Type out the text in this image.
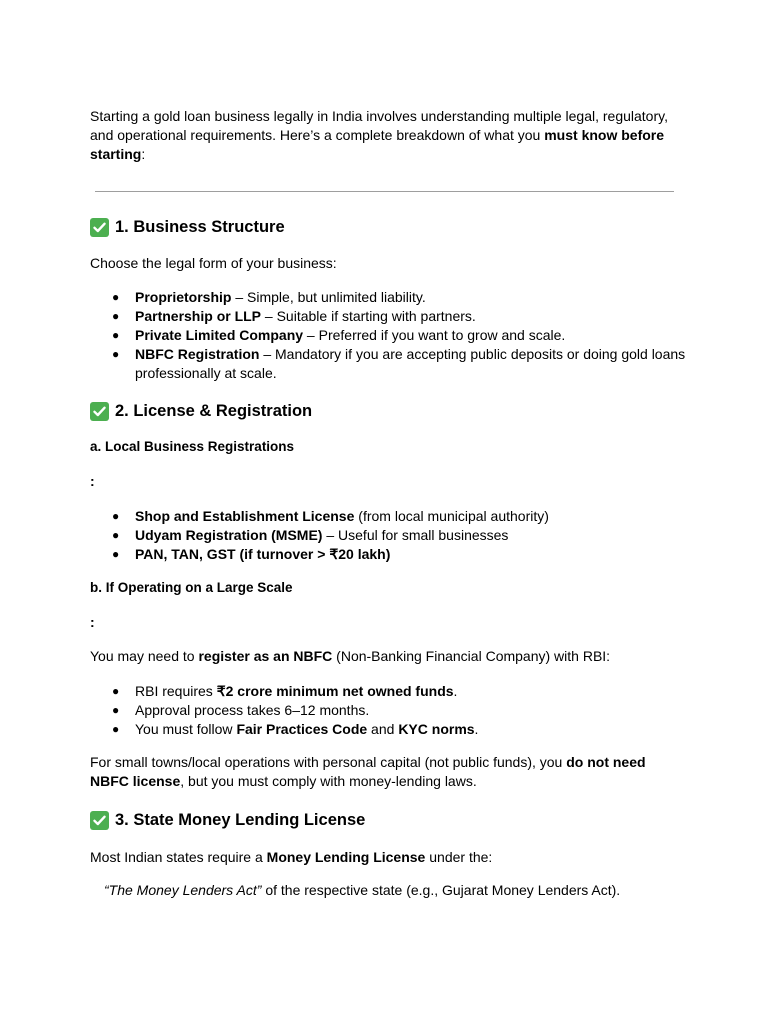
Starting a gold loan business legally in India involves understanding multiple legal, regulatory, and operational requirements. Here’s a complete breakdown of what you must know before starting:

1. Business Structure

Choose the legal form of your business:

● Proprietorship – Simple, but unlimited liability.
● Partnership or LLP – Suitable if starting with partners.
● Private Limited Company – Preferred if you want to grow and scale.
● NBFC Registration – Mandatory if you are accepting public deposits or doing gold loans professionally at scale.
2. License & Registration
a. Local Business Registrations

:

● Shop and Establishment License (from local municipal authority)
● Udyam Registration (MSME) – Useful for small businesses
● PAN, TAN, GST (if turnover > ₹20 lakh)
b. If Operating on a Large Scale

:

You may need to register as an NBFC (Non-Banking Financial Company) with RBI:

● RBI requires ₹2 crore minimum net owned funds.
● Approval process takes 6–12 months.
● You must follow Fair Practices Code and KYC norms.

For small towns/local operations with personal capital (not public funds), you do not need NBFC license, but you must comply with money-lending laws.

3. State Money Lending License

Most Indian states require a Money Lending License under the:

“The Money Lenders Act” of the respective state (e.g., Gujarat Money Lenders Act).
